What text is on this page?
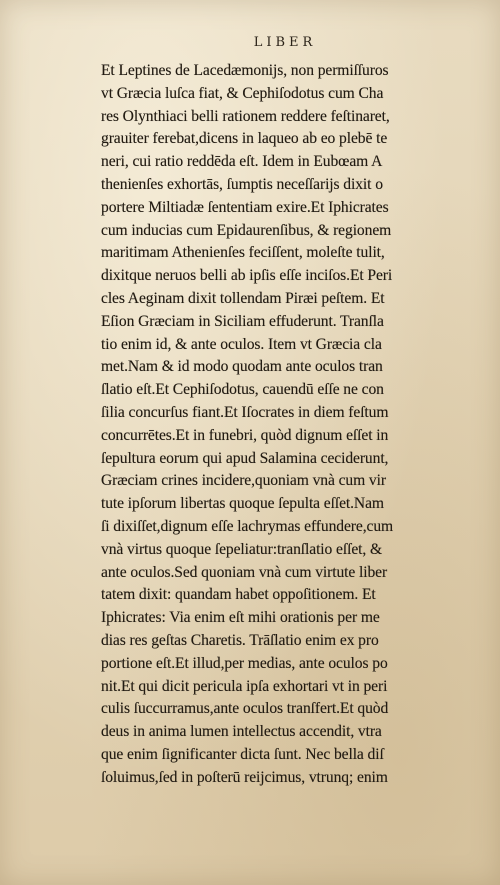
LIBER
Et Leptines de Lacedæmonijs, non permiſſuros
vt Græcia luſca fiat, & Cephiſodotus cum Cha
res Olynthiaci belli rationem reddere feſtinaret,
grauiter ferebat,dicens in laqueo ab eo plebē te
neri, cui ratio reddēda eſt. Idem in Eubœam A
thenienſes exhortās, ſumptis neceſſarijs dixit o
portere Miltiadæ ſententiam exire.Et Iphicrates
cum inducias cum Epidaurenſibus, & regionem
maritimam Athenienſes feciſſent, moleſte tulit,
dixitque neruos belli ab ipſis eſſe inciſos.Et Peri
cles Aeginam dixit tollendam Piræi peſtem. Et
Eſion Græciam in Siciliam effuderunt. Tranſla
tio enim id, & ante oculos. Item vt Græcia cla
met.Nam & id modo quodam ante oculos tran
ſlatio eſt.Et Cephiſodotus, cauendū eſſe ne con
ſilia concurſus fiant.Et Iſocrates in diem feſtum
concurrētes.Et in funebri, quòd dignum eſſet in
ſepultura eorum qui apud Salamina ceciderunt,
Græciam crines incidere,quoniam vnà cum vir
tute ipſorum libertas quoque ſepulta eſſet.Nam
ſi dixiſſet,dignum eſſe lachrymas effundere,cum
vnà virtus quoque ſepeliatur:tranſlatio eſſet, &
ante oculos.Sed quoniam vnà cum virtute liber
tatem dixit: quandam habet oppoſitionem. Et
Iphicrates: Via enim eſt mihi orationis per me
dias res geſtas Charetis. Trāſlatio enim ex pro
portione eſt.Et illud,per medias, ante oculos po
nit.Et qui dicit pericula ipſa exhortari vt in peri
culis ſuccurramus,ante oculos tranſfert.Et quòd
deus in anima lumen intellectus accendit, vtra
que enim ſignificanter dicta ſunt. Nec bella diſ
ſoluimus,ſed in poſterū reijcimus, vtrunq; enim
